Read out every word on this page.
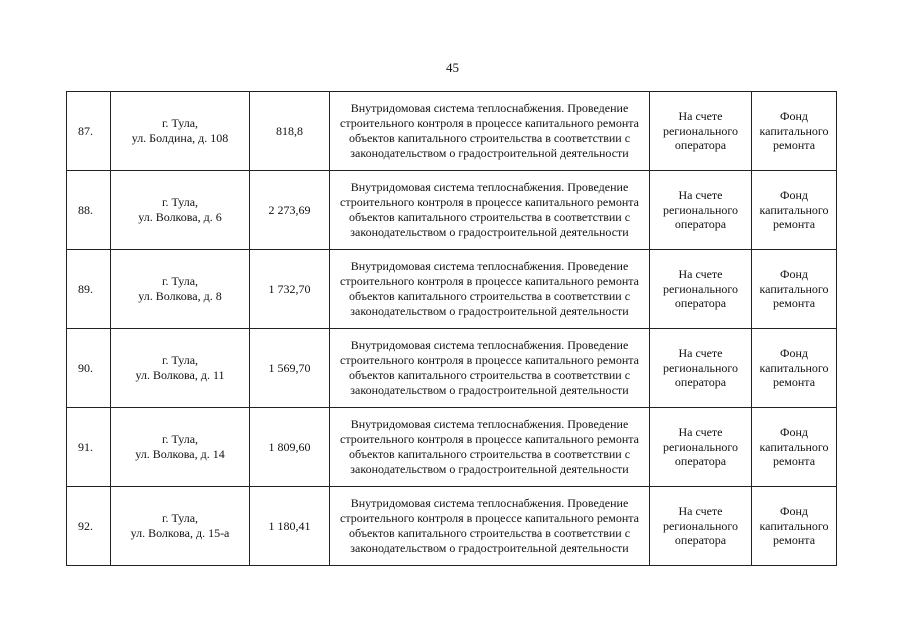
45
87.	г. Тула,
ул. Болдина, д. 108	818,8	Внутридомовая система теплоснабжения. Проведение строительного контроля в процессе капитального ремонта объектов капитального строительства в соответствии с законодательством о градостроительной деятельности	На счете регионального оператора	Фонд капитального ремонта

88.	г. Тула,
ул. Волкова, д. 6	2 273,69	Внутридомовая система теплоснабжения. Проведение строительного контроля в процессе капитального ремонта объектов капитального строительства в соответствии с законодательством о градостроительной деятельности	На счете регионального оператора	Фонд капитального ремонта

89.	г. Тула,
ул. Волкова, д. 8	1 732,70	Внутридомовая система теплоснабжения. Проведение строительного контроля в процессе капитального ремонта объектов капитального строительства в соответствии с законодательством о градостроительной деятельности	На счете регионального оператора	Фонд капитального ремонта

90.	г. Тула,
ул. Волкова, д. 11	1 569,70	Внутридомовая система теплоснабжения. Проведение строительного контроля в процессе капитального ремонта объектов капитального строительства в соответствии с законодательством о градостроительной деятельности	На счете регионального оператора	Фонд капитального ремонта

91.	г. Тула,
ул. Волкова, д. 14	1 809,60	Внутридомовая система теплоснабжения. Проведение строительного контроля в процессе капитального ремонта объектов капитального строительства в соответствии с законодательством о градостроительной деятельности	На счете регионального оператора	Фонд капитального ремонта

92.	г. Тула,
ул. Волкова, д. 15-а	1 180,41	Внутридомовая система теплоснабжения. Проведение строительного контроля в процессе капитального ремонта объектов капитального строительства в соответствии с законодательством о градостроительной деятельности	На счете регионального оператора	Фонд капитального ремонта
